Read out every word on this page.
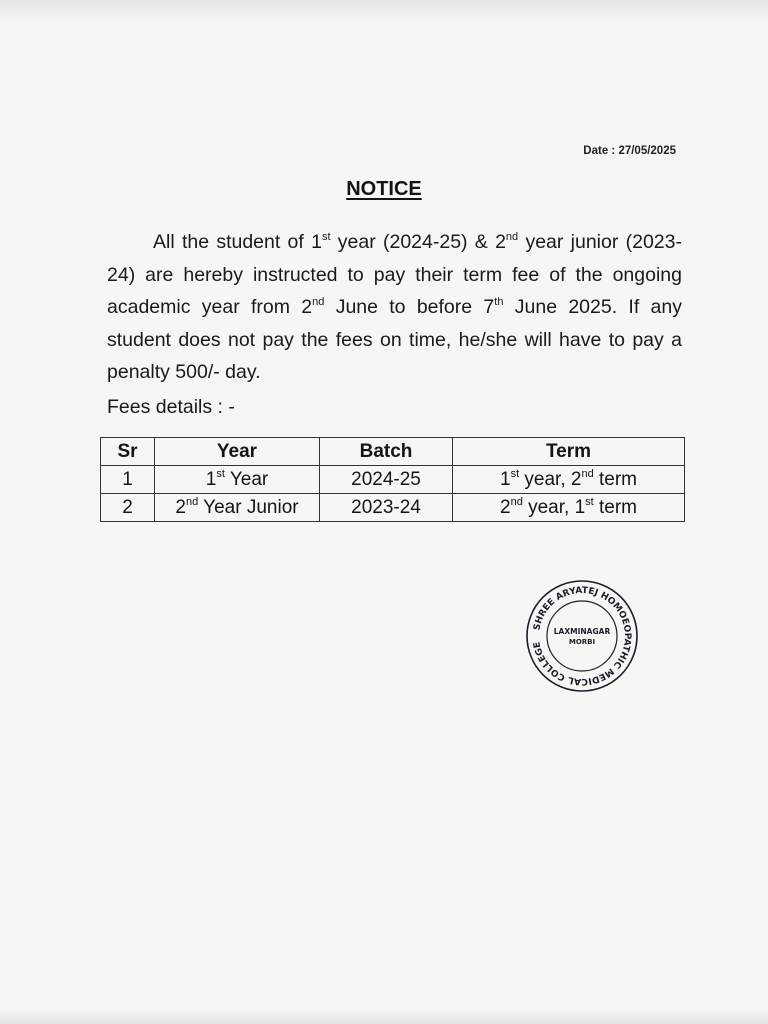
Date : 27/05/2025
NOTICE

All the student of 1st year (2024-25) & 2nd year junior (2023-24) are hereby instructed to pay their term fee of the ongoing academic year from 2nd June to before 7th June 2025. If any student does not pay the fees on time, he/she will have to pay a penalty 500/- day.

Fees details : -
Sr	Year	Batch	Term
1	1st Year	2024-25	1st year, 2nd term
2	2nd Year Junior	2023-24	2nd year, 1st term
SHREE ARYATEJ HOMOEOPATHIC MEDICAL COLLEGE
LAXMINAGAR
MORBI
